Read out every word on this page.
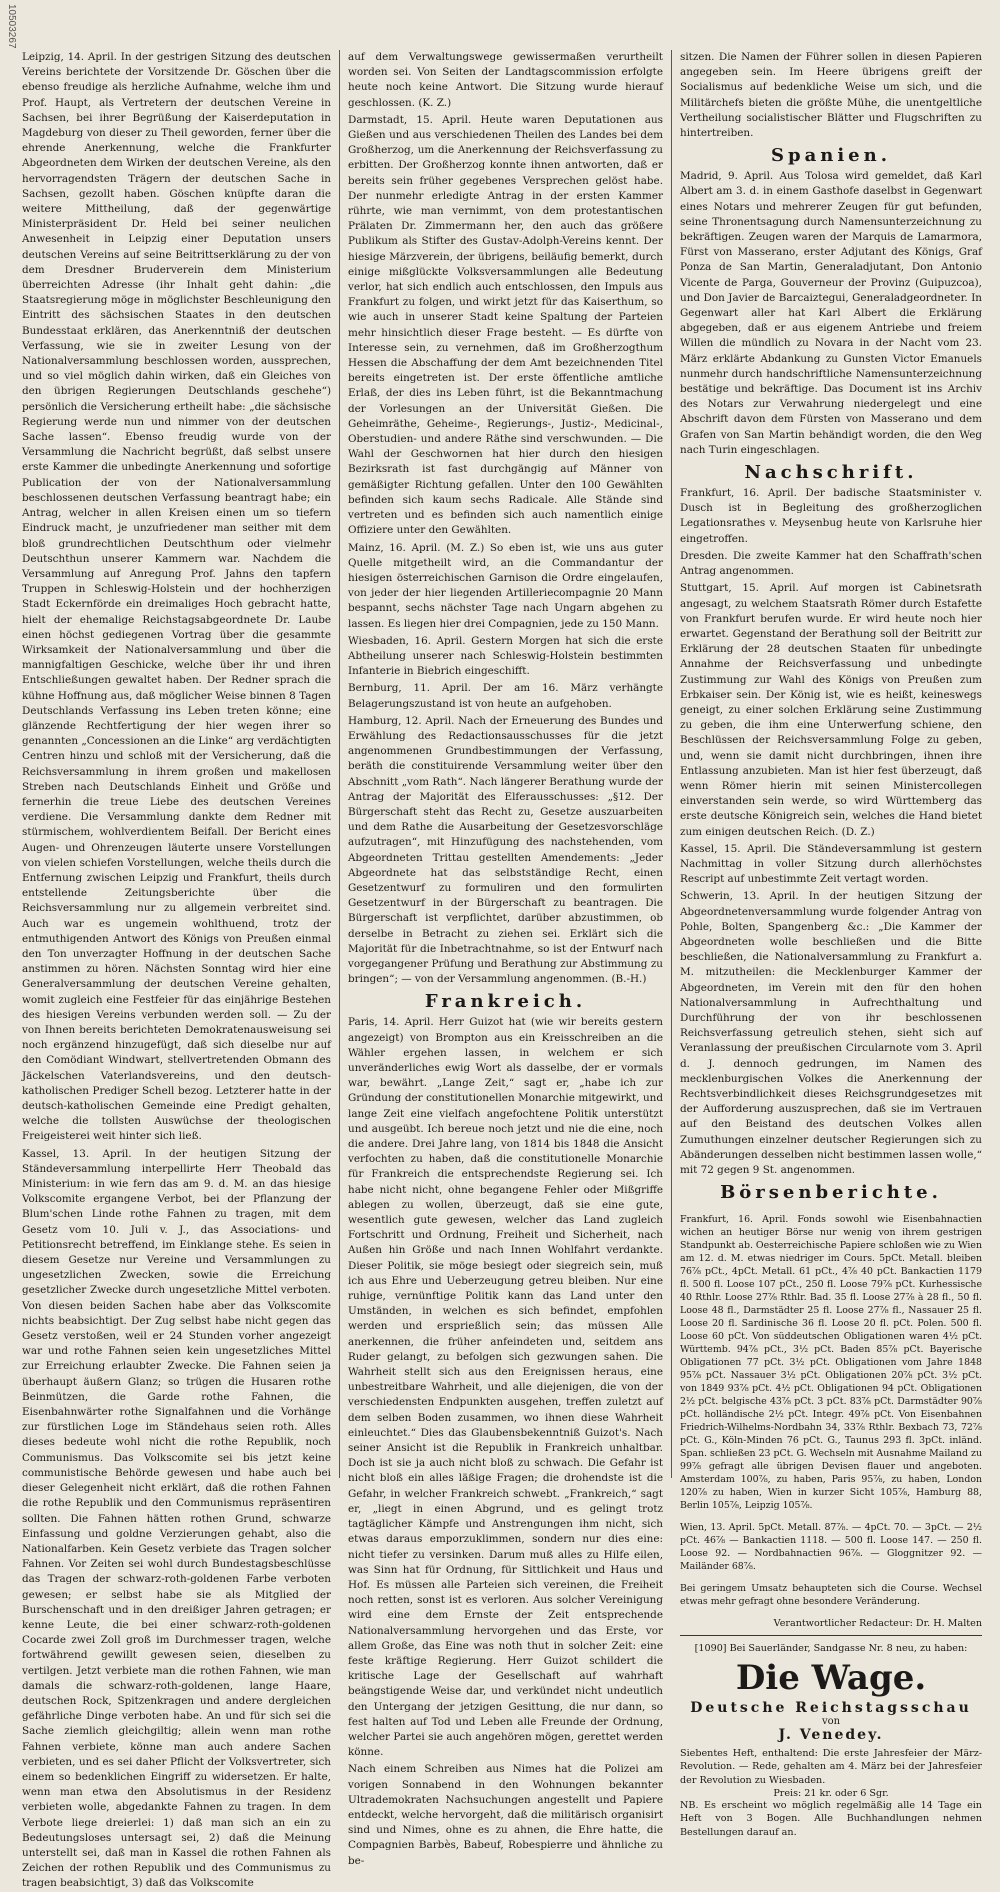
10503267

Leipzig, 14. April. In der gestrigen Sitzung des deutschen Vereins berichtete der Vorsitzende Dr. Göschen über die ebenso freudige als herzliche Aufnahme, welche ihm und Prof. Haupt, als Vertretern der deutschen Vereine in Sachsen, bei ihrer Begrüßung der Kaiserdeputation in Magdeburg von dieser zu Theil geworden, ferner über die ehrende Anerkennung, welche die Frankfurter Abgeordneten dem Wirken der deutschen Vereine, als den hervorragendsten Trägern der deutschen Sache in Sachsen, gezollt haben. Göschen knüpfte daran die weitere Mittheilung, daß der gegenwärtige Ministerpräsident Dr. Held bei seiner neulichen Anwesenheit in Leipzig einer Deputation unsers deutschen Vereins auf seine Beitrittserklärung zu der von dem Dresdner Bruderverein dem Ministerium überreichten Adresse (ihr Inhalt geht dahin: „die Staatsregierung möge in möglichster Beschleunigung den Eintritt des sächsischen Staates in den deutschen Bundesstaat erklären, das Anerkenntniß der deutschen Verfassung, wie sie in zweiter Lesung von der Nationalversammlung beschlossen worden, aussprechen, und so viel möglich dahin wirken, daß ein Gleiches von den übrigen Regierungen Deutschlands geschehe“) persönlich die Versicherung ertheilt habe: „die sächsische Regierung werde nun und nimmer von der deutschen Sache lassen“. Ebenso freudig wurde von der Versammlung die Nachricht begrüßt, daß selbst unsere erste Kammer die unbedingte Anerkennung und sofortige Publication der von der Nationalversammlung beschlossenen deutschen Verfassung beantragt habe; ein Antrag, welcher in allen Kreisen einen um so tiefern Eindruck macht, je unzufriedener man seither mit dem bloß grundrechtlichen Deutschthum oder vielmehr Deutschthun unserer Kammern war. Nachdem die Versammlung auf Anregung Prof. Jahns den tapfern Truppen in Schleswig-Holstein und der hochherzigen Stadt Eckernförde ein dreimaliges Hoch gebracht hatte, hielt der ehemalige Reichstagsabgeordnete Dr. Laube einen höchst gediegenen Vortrag über die gesammte Wirksamkeit der Nationalversammlung und über die mannigfaltigen Geschicke, welche über ihr und ihren Entschließungen gewaltet haben. Der Redner sprach die kühne Hoffnung aus, daß möglicher Weise binnen 8 Tagen Deutschlands Verfassung ins Leben treten könne; eine glänzende Rechtfertigung der hier wegen ihrer so genannten „Concessionen an die Linke“ arg verdächtigten Centren hinzu und schloß mit der Versicherung, daß die Reichsversammlung in ihrem großen und makellosen Streben nach Deutschlands Einheit und Größe und fernerhin die treue Liebe des deutschen Vereines verdiene. Die Versammlung dankte dem Redner mit stürmischem, wohlverdientem Beifall. Der Bericht eines Augen- und Ohrenzeugen läuterte unsere Vorstellungen von vielen schiefen Vorstellungen, welche theils durch die Entfernung zwischen Leipzig und Frankfurt, theils durch entstellende Zeitungsberichte über die Reichsversammlung nur zu allgemein verbreitet sind. Auch war es ungemein wohlthuend, trotz der entmuthigenden Antwort des Königs von Preußen einmal den Ton unverzagter Hoffnung in der deutschen Sache anstimmen zu hören. Nächsten Sonntag wird hier eine Generalversammlung der deutschen Vereine gehalten, womit zugleich eine Festfeier für das einjährige Bestehen des hiesigen Vereins verbunden werden soll. — Zu der von Ihnen bereits berichteten Demokratenausweisung sei noch ergänzend hinzugefügt, daß sich dieselbe nur auf den Comödiant Windwart, stellvertretenden Obmann des Jäckelschen Vaterlandsvereins, und den deutsch-katholischen Prediger Schell bezog. Letzterer hatte in der deutsch-katholischen Gemeinde eine Predigt gehalten, welche die tollsten Auswüchse der theologischen Freigeisterei weit hinter sich ließ.

Kassel, 13. April. In der heutigen Sitzung der Ständeversammlung interpellirte Herr Theobald das Ministerium: in wie fern das am 9. d. M. an das hiesige Volkscomite ergangene Verbot, bei der Pflanzung der Blum'schen Linde rothe Fahnen zu tragen, mit dem Gesetz vom 10. Juli v. J., das Associations- und Petitionsrecht betreffend, im Einklange stehe. Es seien in diesem Gesetze nur Vereine und Versammlungen zu ungesetzlichen Zwecken, sowie die Erreichung gesetzlicher Zwecke durch ungesetzliche Mittel verboten. Von diesen beiden Sachen habe aber das Volkscomite nichts beabsichtigt. Der Zug selbst habe nicht gegen das Gesetz verstoßen, weil er 24 Stunden vorher angezeigt war und rothe Fahnen seien kein ungesetzliches Mittel zur Erreichung erlaubter Zwecke. Die Fahnen seien ja überhaupt äußern Glanz; so trügen die Husaren rothe Beinmützen, die Garde rothe Fahnen, die Eisenbahnwärter rothe Signalfahnen und die Vorhänge zur fürstlichen Loge im Ständehaus seien roth. Alles dieses bedeute wohl nicht die rothe Republik, noch Communismus. Das Volkscomite sei bis jetzt keine communistische Behörde gewesen und habe auch bei dieser Gelegenheit nicht erklärt, daß die rothen Fahnen die rothe Republik und den Communismus repräsentiren sollten. Die Fahnen hätten rothen Grund, schwarze Einfassung und goldne Verzierungen gehabt, also die Nationalfarben. Kein Gesetz verbiete das Tragen solcher Fahnen. Vor Zeiten sei wohl durch Bundestagsbeschlüsse das Tragen der schwarz-roth-goldenen Farbe verboten gewesen; er selbst habe sie als Mitglied der Burschenschaft und in den dreißiger Jahren getragen; er kenne Leute, die bei einer schwarz-roth-goldenen Cocarde zwei Zoll groß im Durchmesser tragen, welche fortwährend gewillt gewesen seien, dieselben zu vertilgen. Jetzt verbiete man die rothen Fahnen, wie man damals die schwarz-roth-goldenen, lange Haare, deutschen Rock, Spitzenkragen und andere dergleichen gefährliche Dinge verboten habe. An und für sich sei die Sache ziemlich gleichgiltig; allein wenn man rothe Fahnen verbiete, könne man auch andere Sachen verbieten, und es sei daher Pflicht der Volksvertreter, sich einem so bedenklichen Eingriff zu widersetzen. Er halte, wenn man etwa den Absolutismus in der Residenz verbieten wolle, abgedankte Fahnen zu tragen. In dem Verbote liege dreierlei: 1) daß man sich an ein zu Bedeutungsloses untersagt sei, 2) daß die Meinung unterstellt sei, daß man in Kassel die rothen Fahnen als Zeichen der rothen Republik und des Communismus zu tragen beabsichtigt, 3) daß das Volkscomite

auf dem Verwaltungswege gewissermaßen verurtheilt worden sei. Von Seiten der Landtagscommission erfolgte heute noch keine Antwort. Die Sitzung wurde hierauf geschlossen. (K. Z.)

Darmstadt, 15. April. Heute waren Deputationen aus Gießen und aus verschiedenen Theilen des Landes bei dem Großherzog, um die Anerkennung der Reichsverfassung zu erbitten. Der Großherzog konnte ihnen antworten, daß er bereits sein früher gegebenes Versprechen gelöst habe. Der nunmehr erledigte Antrag in der ersten Kammer rührte, wie man vernimmt, von dem protestantischen Prälaten Dr. Zimmermann her, den auch das größere Publikum als Stifter des Gustav-Adolph-Vereins kennt. Der hiesige Märzverein, der übrigens, beiläufig bemerkt, durch einige mißglückte Volksversammlungen alle Bedeutung verlor, hat sich endlich auch entschlossen, den Impuls aus Frankfurt zu folgen, und wirkt jetzt für das Kaiserthum, so wie auch in unserer Stadt keine Spaltung der Parteien mehr hinsichtlich dieser Frage besteht. — Es dürfte von Interesse sein, zu vernehmen, daß im Großherzogthum Hessen die Abschaffung der dem Amt bezeichnenden Titel bereits eingetreten ist. Der erste öffentliche amtliche Erlaß, der dies ins Leben führt, ist die Bekanntmachung der Vorlesungen an der Universität Gießen. Die Geheimräthe, Geheime-, Regierungs-, Justiz-, Medicinal-, Oberstudien- und andere Räthe sind verschwunden. — Die Wahl der Geschwornen hat hier durch den hiesigen Bezirksrath ist fast durchgängig auf Männer von gemäßigter Richtung gefallen. Unter den 100 Gewählten befinden sich kaum sechs Radicale. Alle Stände sind vertreten und es befinden sich auch namentlich einige Offiziere unter den Gewählten.

Mainz, 16. April. (M. Z.) So eben ist, wie uns aus guter Quelle mitgetheilt wird, an die Commandantur der hiesigen österreichischen Garnison die Ordre eingelaufen, von jeder der hier liegenden Artilleriecompagnie 20 Mann bespannt, sechs nächster Tage nach Ungarn abgehen zu lassen. Es liegen hier drei Compagnien, jede zu 150 Mann.

Wiesbaden, 16. April. Gestern Morgen hat sich die erste Abtheilung unserer nach Schleswig-Holstein bestimmten Infanterie in Biebrich eingeschifft.

Bernburg, 11. April. Der am 16. März verhängte Belagerungszustand ist von heute an aufgehoben.

Hamburg, 12. April. Nach der Erneuerung des Bundes und Erwählung des Redactionsausschusses für die jetzt angenommenen Grundbestimmungen der Verfassung, beräth die constituirende Versammlung weiter über den Abschnitt „vom Rath“. Nach längerer Berathung wurde der Antrag der Majorität des Elferausschusses: „§12. Der Bürgerschaft steht das Recht zu, Gesetze auszuarbeiten und dem Rathe die Ausarbeitung der Gesetzesvorschläge aufzutragen“, mit Hinzufügung des nachstehenden, vom Abgeordneten Trittau gestellten Amendements: „Jeder Abgeordnete hat das selbstständige Recht, einen Gesetzentwurf zu formuliren und den formulirten Gesetzentwurf in der Bürgerschaft zu beantragen. Die Bürgerschaft ist verpflichtet, darüber abzustimmen, ob derselbe in Betracht zu ziehen sei. Erklärt sich die Majorität für die Inbetrachtnahme, so ist der Entwurf nach vorgegangener Prüfung und Berathung zur Abstimmung zu bringen“; — von der Versammlung angenommen. (B.-H.)

Frankreich.

Paris, 14. April. Herr Guizot hat (wie wir bereits gestern angezeigt) von Brompton aus ein Kreisschreiben an die Wähler ergehen lassen, in welchem er sich unveränderliches ewig Wort als dasselbe, der er vormals war, bewährt. „Lange Zeit,“ sagt er, „habe ich zur Gründung der constitutionellen Monarchie mitgewirkt, und lange Zeit eine vielfach angefochtene Politik unterstützt und ausgeübt. Ich bereue noch jetzt und nie die eine, noch die andere. Drei Jahre lang, von 1814 bis 1848 die Ansicht verfochten zu haben, daß die constitutionelle Monarchie für Frankreich die entsprechendste Regierung sei. Ich habe nicht nicht, ohne begangene Fehler oder Mißgriffe ablegen zu wollen, überzeugt, daß sie eine gute, wesentlich gute gewesen, welcher das Land zugleich Fortschritt und Ordnung, Freiheit und Sicherheit, nach Außen hin Größe und nach Innen Wohlfahrt verdankte. Dieser Politik, sie möge besiegt oder siegreich sein, muß ich aus Ehre und Ueberzeugung getreu bleiben. Nur eine ruhige, vernünftige Politik kann das Land unter den Umständen, in welchen es sich befindet, empfohlen werden und ersprießlich sein; das müssen Alle anerkennen, die früher anfeindeten und, seitdem ans Ruder gelangt, zu befolgen sich gezwungen sahen. Die Wahrheit stellt sich aus den Ereignissen heraus, eine unbestreitbare Wahrheit, und alle diejenigen, die von der verschiedensten Endpunkten ausgehen, treffen zuletzt auf dem selben Boden zusammen, wo ihnen diese Wahrheit einleuchtet.“ Dies das Glaubensbekenntniß Guizot's. Nach seiner Ansicht ist die Republik in Frankreich unhaltbar. Doch ist sie ja auch nicht bloß zu schwach. Die Gefahr ist nicht bloß ein alles läßige Fragen; die drohendste ist die Gefahr, in welcher Frankreich schwebt. „Frankreich,“ sagt er, „liegt in einen Abgrund, und es gelingt trotz tagtäglicher Kämpfe und Anstrengungen ihm nicht, sich etwas daraus emporzuklimmen, sondern nur dies eine: nicht tiefer zu versinken. Darum muß alles zu Hilfe eilen, was Sinn hat für Ordnung, für Sittlichkeit und Haus und Hof. Es müssen alle Parteien sich vereinen, die Freiheit noch retten, sonst ist es verloren. Aus solcher Vereinigung wird eine dem Ernste der Zeit entsprechende Nationalversammlung hervorgehen und das Erste, vor allem Große, das Eine was noth thut in solcher Zeit: eine feste kräftige Regierung. Herr Guizot schildert die kritische Lage der Gesellschaft auf wahrhaft beängstigende Weise dar, und verkündet nicht undeutlich den Untergang der jetzigen Gesittung, die nur dann, so fest halten auf Tod und Leben alle Freunde der Ordnung, welcher Partei sie auch angehören mögen, gerettet werden könne.

Nach einem Schreiben aus Nimes hat die Polizei am vorigen Sonnabend in den Wohnungen bekannter Ultrademokraten Nachsuchungen angestellt und Papiere entdeckt, welche hervorgeht, daß die militärisch organisirt sind und Nimes, ohne es zu ahnen, die Ehre hatte, die Compagnien Barbès, Babeuf, Robespierre und ähnliche zu be-

sitzen. Die Namen der Führer sollen in diesen Papieren angegeben sein. Im Heere übrigens greift der Socialismus auf bedenkliche Weise um sich, und die Militärchefs bieten die größte Mühe, die unentgeltliche Vertheilung socialistischer Blätter und Flugschriften zu hintertreiben.

Spanien.

Madrid, 9. April. Aus Tolosa wird gemeldet, daß Karl Albert am 3. d. in einem Gasthofe daselbst in Gegenwart eines Notars und mehrerer Zeugen für gut befunden, seine Thronentsagung durch Namensunterzeichnung zu bekräftigen. Zeugen waren der Marquis de Lamarmora, Fürst von Masserano, erster Adjutant des Königs, Graf Ponza de San Martin, Generaladjutant, Don Antonio Vicente de Parga, Gouverneur der Provinz (Guipuzcoa), und Don Javier de Barcaiztegui, Generaladgeordneter. In Gegenwart aller hat Karl Albert die Erklärung abgegeben, daß er aus eigenem Antriebe und freiem Willen die mündlich zu Novara in der Nacht vom 23. März erklärte Abdankung zu Gunsten Victor Emanuels nunmehr durch handschriftliche Namensunterzeichnung bestätige und bekräftige. Das Document ist ins Archiv des Notars zur Verwahrung niedergelegt und eine Abschrift davon dem Fürsten von Masserano und dem Grafen von San Martin behändigt worden, die den Weg nach Turin eingeschlagen.

Nachschrift.

Frankfurt, 16. April. Der badische Staatsminister v. Dusch ist in Begleitung des großherzoglichen Legationsrathes v. Meysenbug heute von Karlsruhe hier eingetroffen.

Dresden. Die zweite Kammer hat den Schaffrath'schen Antrag angenommen.

Stuttgart, 15. April. Auf morgen ist Cabinetsrath angesagt, zu welchem Staatsrath Römer durch Estafette von Frankfurt berufen wurde. Er wird heute noch hier erwartet. Gegenstand der Berathung soll der Beitritt zur Erklärung der 28 deutschen Staaten für unbedingte Annahme der Reichsverfassung und unbedingte Zustimmung zur Wahl des Königs von Preußen zum Erbkaiser sein. Der König ist, wie es heißt, keineswegs geneigt, zu einer solchen Erklärung seine Zustimmung zu geben, die ihm eine Unterwerfung schiene, den Beschlüssen der Reichsversammlung Folge zu geben, und, wenn sie damit nicht durchbringen, ihnen ihre Entlassung anzubieten. Man ist hier fest überzeugt, daß wenn Römer hierin mit seinen Ministercollegen einverstanden sein werde, so wird Württemberg das erste deutsche Königreich sein, welches die Hand bietet zum einigen deutschen Reich. (D. Z.)

Kassel, 15. April. Die Ständeversammlung ist gestern Nachmittag in voller Sitzung durch allerhöchstes Rescript auf unbestimmte Zeit vertagt worden.

Schwerin, 13. April. In der heutigen Sitzung der Abgeordnetenversammlung wurde folgender Antrag von Pohle, Bolten, Spangenberg &c.: „Die Kammer der Abgeordneten wolle beschließen und die Bitte beschließen, die Nationalversammlung zu Frankfurt a. M. mitzutheilen: die Mecklenburger Kammer der Abgeordneten, im Verein mit den für den hohen Nationalversammlung in Aufrechthaltung und Durchführung der von ihr beschlossenen Reichsverfassung getreulich stehen, sieht sich auf Veranlassung der preußischen Circularnote vom 3. April d. J. dennoch gedrungen, im Namen des mecklenburgischen Volkes die Anerkennung der Rechtsverbindlichkeit dieses Reichsgrundgesetzes mit der Aufforderung auszusprechen, daß sie im Vertrauen auf den Beistand des deutschen Volkes allen Zumuthungen einzelner deutscher Regierungen sich zu Abänderungen desselben nicht bestimmen lassen wolle,“ mit 72 gegen 9 St. angenommen.

Börsenberichte.

Frankfurt, 16. April. Fonds sowohl wie Eisenbahnactien wichen an heutiger Börse nur wenig von ihrem gestrigen Standpunkt ab. Oesterreichische Papiere schloßen wie zu Wien am 12. d. M. etwas niedriger im Cours. 5pCt. Metall. bleiben 76⅞ pCt., 4pCt. Metall. 61 pCt., 4⅞ 40 pCt. Bankactien 1179 fl. 500 fl. Loose 107 pCt., 250 fl. Loose 79⅞ pCt. Kurhessische 40 Rthlr. Loose 27⅞ Rthlr. Bad. 35 fl. Loose 27⅞ à 28 fl., 50 fl. Loose 48 fl., Darmstädter 25 fl. Loose 27⅞ fl., Nassauer 25 fl. Loose 20 fl. Sardinische 36 fl. Loose 20 fl. pCt. Polen. 500 fl. Loose 60 pCt. Von süddeutschen Obligationen waren 4½ pCt. Württemb. 94⅞ pCt., 3½ pCt. Baden 85⅞ pCt. Bayerische Obligationen 77 pCt. 3½ pCt. Obligationen vom Jahre 1848 95⅞ pCt. Nassauer 3½ pCt. Obligationen 20⅞ pCt. 3½ pCt. von 1849 93⅞ pCt. 4½ pCt. Obligationen 94 pCt. Obligationen 2½ pCt. belgische 43⅞ pCt. 3 pCt. 83⅞ pCt. Darmstädter 90⅞ pCt. holländische 2½ pCt. Integr. 49⅞ pCt. Von Eisenbahnen Friedrich-Wilhelms-Nordbahn 34, 33⅞ Rthlr. Bexbach 73, 72⅞ pCt. G., Köln-Minden 76 pCt. G., Taunus 293 fl. 3pCt. inländ. Span. schließen 23 pCt. G. Wechseln mit Ausnahme Mailand zu 99⅞ gefragt alle übrigen Devisen flauer und angeboten. Amsterdam 100⅞, zu haben, Paris 95⅞, zu haben, London 120⅞ zu haben, Wien in kurzer Sicht 105⅞, Hamburg 88, Berlin 105⅞, Leipzig 105⅞.

Wien, 13. April. 5pCt. Metall. 87⅞. — 4pCt. 70. — 3pCt. — 2½ pCt. 46⅞ — Bankactien 1118. — 500 fl. Loose 147. — 250 fl. Loose 92. — Nordbahnactien 96⅞. — Gloggnitzer 92. — Mailänder 68⅞.

Bei geringem Umsatz behaupteten sich die Course. Wechsel etwas mehr gefragt ohne besondere Veränderung.

Verantwortlicher Redacteur: Dr. H. Malten
[1090] Bei Sauerländer, Sandgasse Nr. 8 neu, zu haben:
Die Wage.
Deutsche Reichstagsschau
von
J. Venedey.
Siebentes Heft, enthaltend: Die erste Jahresfeier der März-Revolution. — Rede, gehalten am 4. März bei der Jahresfeier der Revolution zu Wiesbaden.
Preis: 21 kr. oder 6 Sgr.
NB. Es erscheint wo möglich regelmäßig alle 14 Tage ein Heft von 3 Bogen. Alle Buchhandlungen nehmen Bestellungen darauf an.
